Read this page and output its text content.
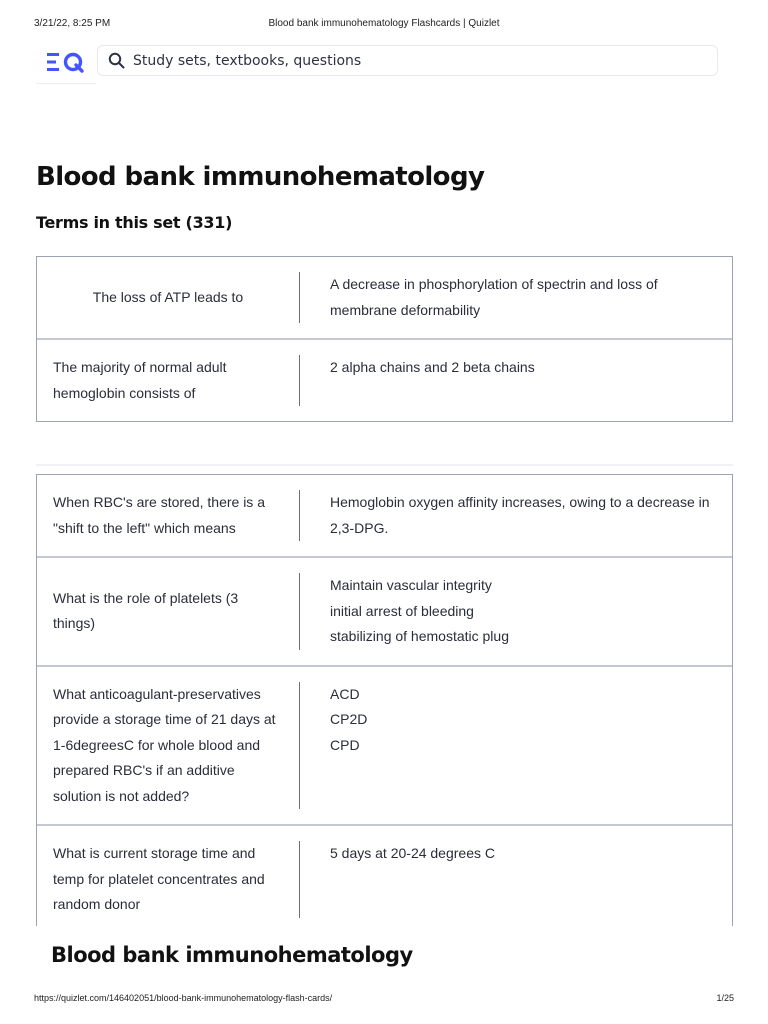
3/21/22, 8:25 PM	Blood bank immunohematology Flashcards | Quizlet
Study sets, textbooks, questions
Blood bank immunohematology
Terms in this set (331)
The loss of ATP leads to
A decrease in phosphorylation of spectrin and loss of membrane deformability
The majority of normal adult hemoglobin consists of
2 alpha chains and 2 beta chains
When RBC's are stored, there is a "shift to the left" which means
Hemoglobin oxygen affinity increases, owing to a decrease in 2,3-DPG.
What is the role of platelets (3 things)
Maintain vascular integrity
initial arrest of bleeding
stabilizing of hemostatic plug
What anticoagulant-preservatives provide a storage time of 21 days at 1-6degreesC for whole blood and prepared RBC's if an additive solution is not added?
ACD
CP2D
CPD
What is current storage time and temp for platelet concentrates and random donor
5 days at 20-24 degrees C
Blood bank immunohematology
https://quizlet.com/146402051/blood-bank-immunohematology-flash-cards/	1/25
